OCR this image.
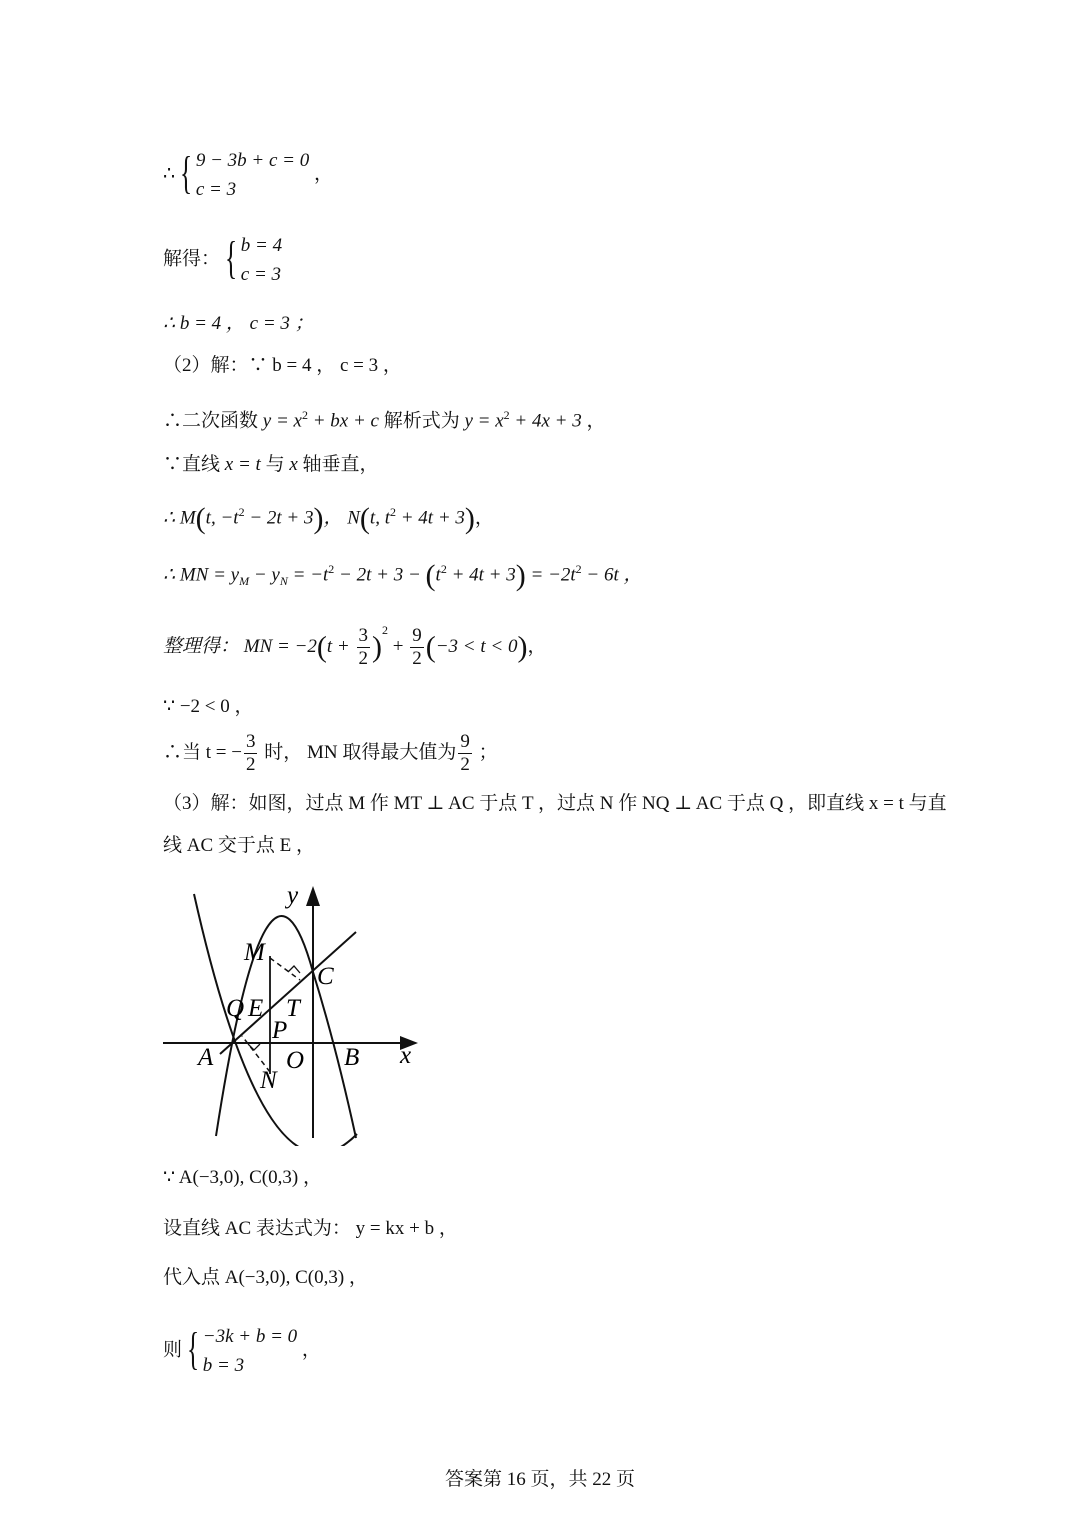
∴ { 9 − 3b + c = 0
c = 3
，
解得： { b = 4
c = 3
∴ b = 4 ， c = 3 ；
（2）解：∵ b = 4 ， c = 3 ，
∴二次函数 $y = x^2$ + bx + c 解析式为 $y = x^2 + 4x + 3$ ，
∵直线 x = t 与 x 轴垂直，
∴ M(t, $-t^2 - 2t + 3$)， N(t, $t^2 + 4t + 3$)，
∴ MN = $y_M - y_N = -t^2 - 2t + 3 - (t^2 + 4t + 3) = -2t^2 - 6t$ ，
整理得： MN = $-2(t + \frac{3}{2} )^2 + \frac{9}{2} (-3 < t < 0)$，
∵ −2 < 0 ，
∴当 t = − $\frac{3}{2}$ 时， MN 取得最大值为 $\frac{9}{2}$ ；
（3）解：如图，过点 M 作 MT ⊥ AC 于点 T ，过点 N 作 NQ ⊥ AC 于点 Q ，即直线 x = t 与直
线 AC 交于点 E ，
y
M
C
Q E T
P
A	O B x
N
∵ A(−3,0), C(0,3) ，
设直线 AC 表达式为： y = kx + b ，
代入点 A(−3,0), C(0,3) ，
则 { −3k + b = 0
b = 3
，
答案第 16 页，共 22 页
